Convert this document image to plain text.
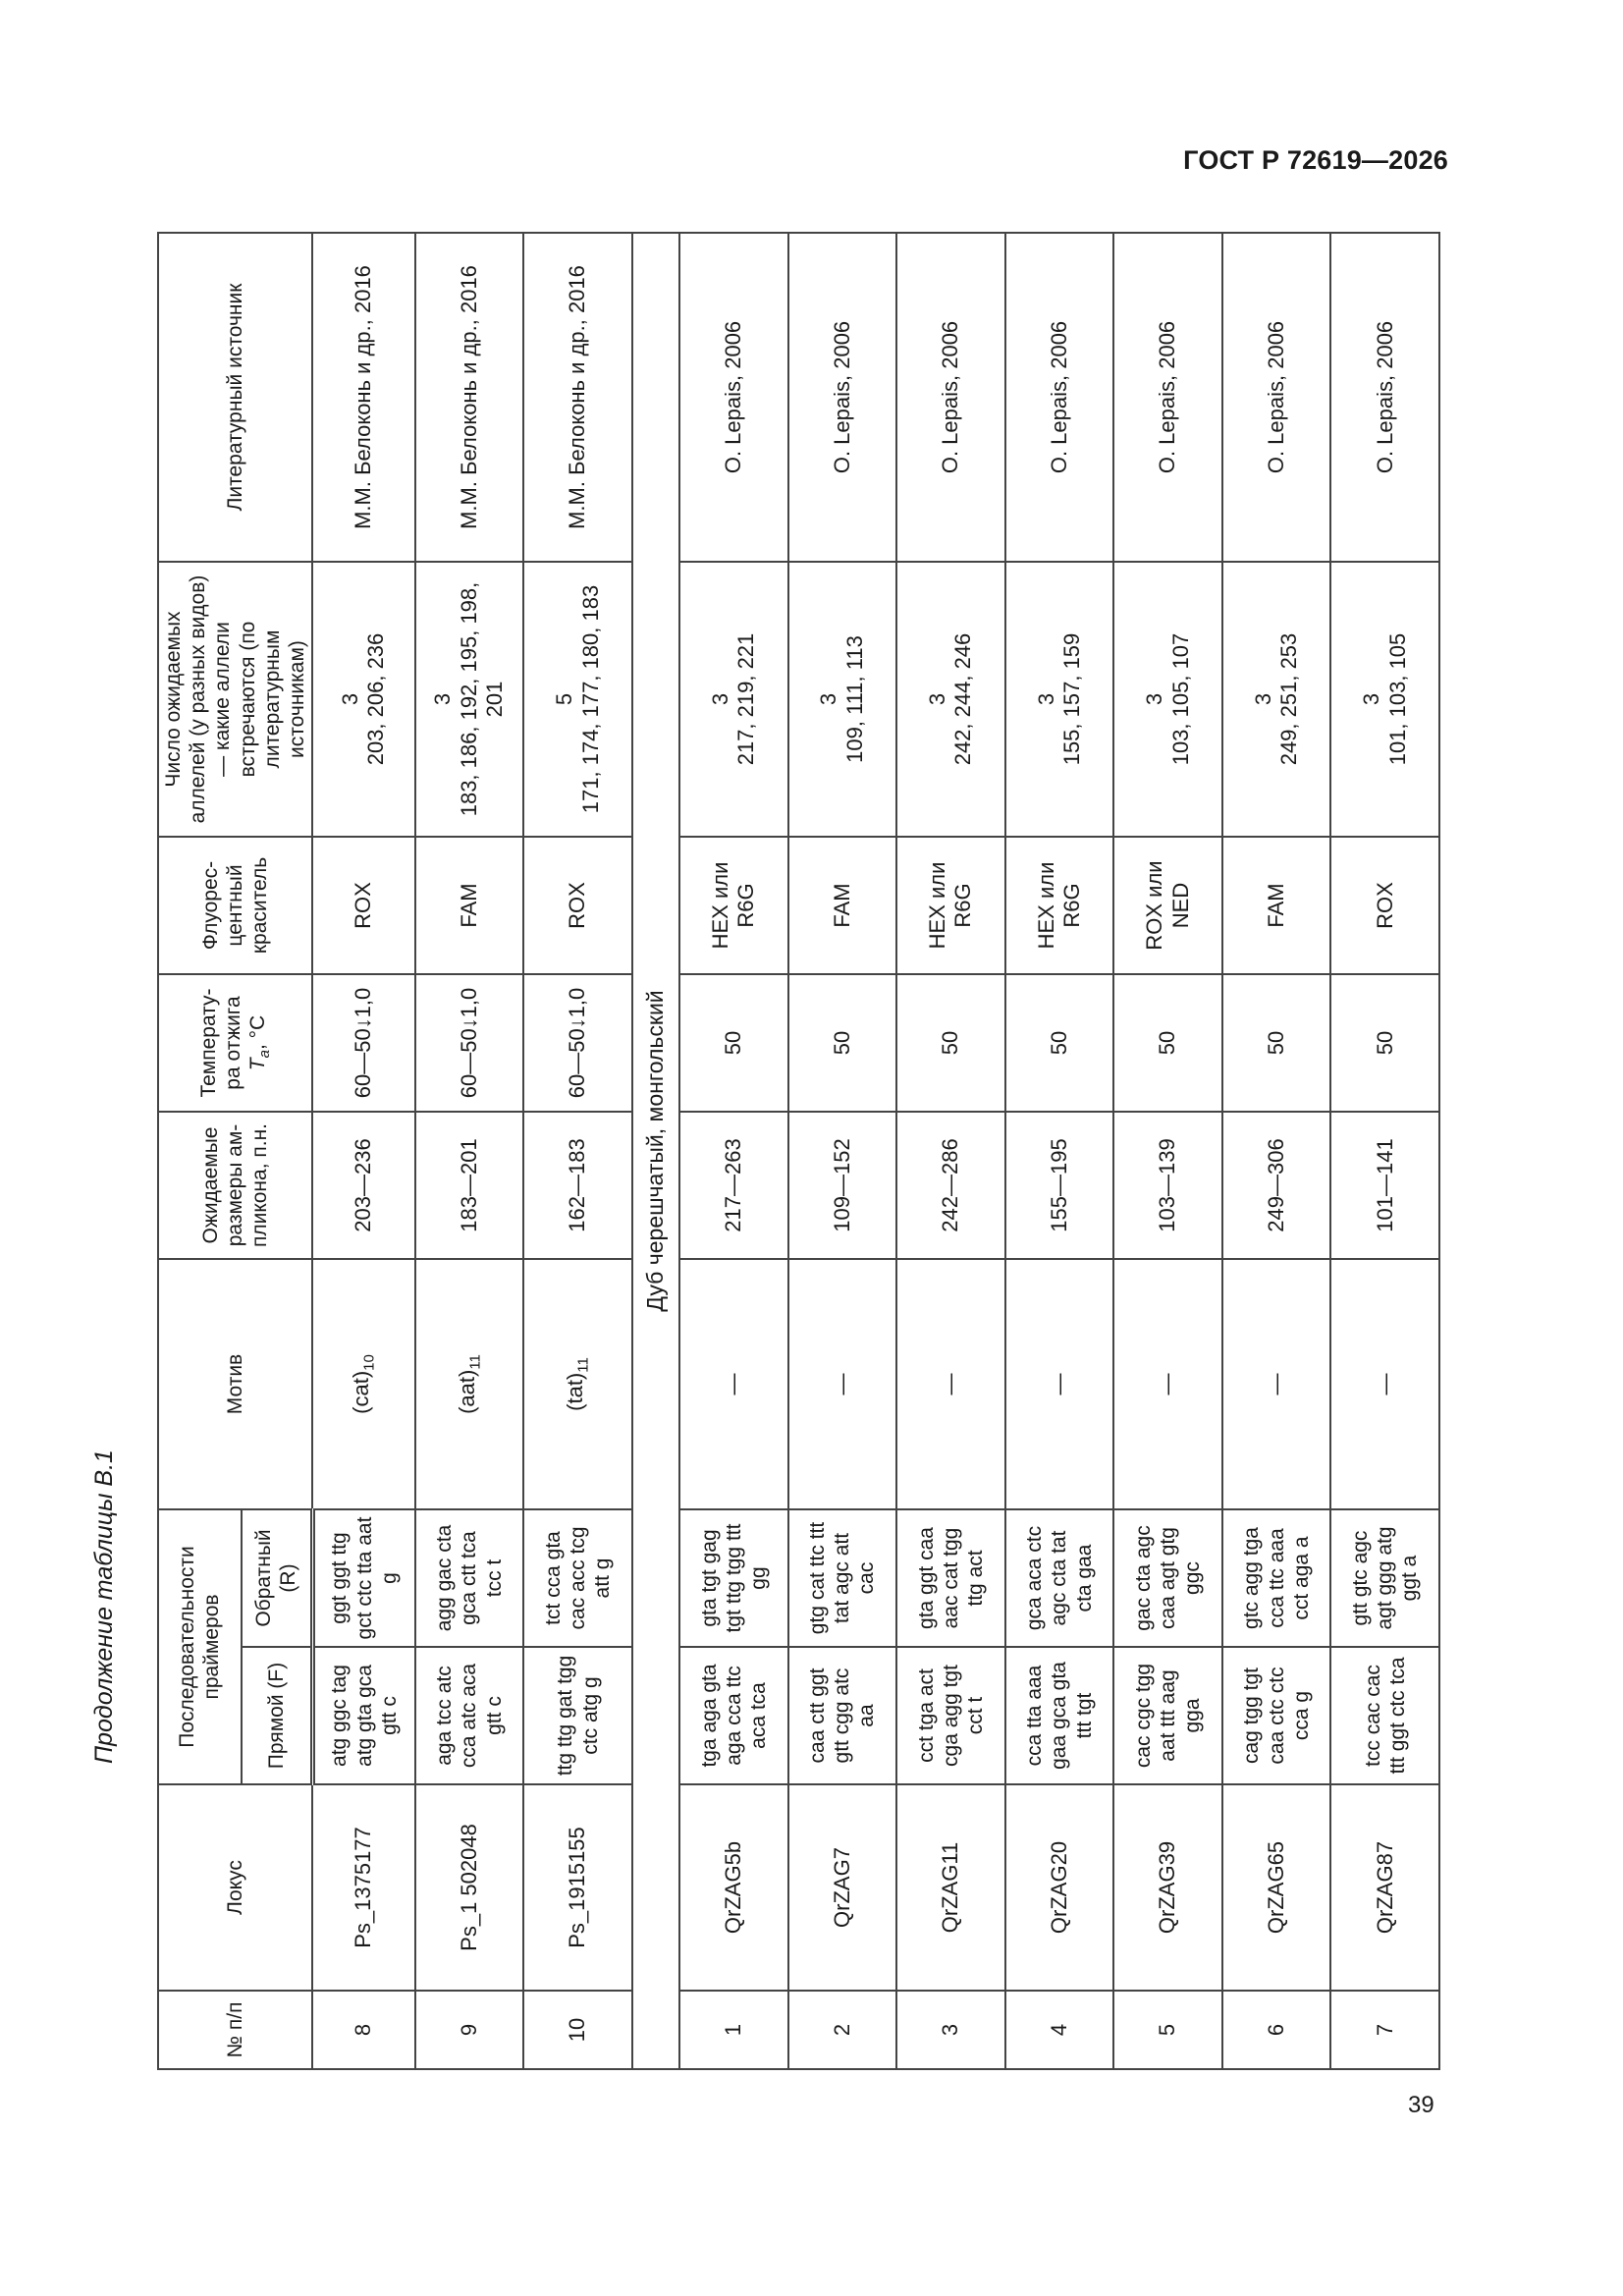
ГОСТ Р 72619—2026
Продолжение таблицы В.1
№ п/п	Локус	Последовательности праймеров		Мотив	Ожидаемые размеры ам-пликона, п.н.	Температу-ра отжига $T_a$, °C	Флуорес-центный краситель	Число ожидаемых аллелей (у разных видов) — какие аллели встречаются (по литературным источникам)	Литературный источник
		Прямой (F)	Обратный (R)						
8	Ps_1375177	atg ggc tag atg gta gca gtt c	ggt ggt ttg gct ctc tta aat g	$(cat)_{10}$	203—236	60—50↓1,0	ROX	3 203, 206, 236	М.М. Белоконь и др., 2016
9	Ps_1 502048	aga tcc atc cca atc aca gtt c	agg gac cta gca ctt tca tcc t	$(aat)_{11}$	183—201	60—50↓1,0	FAM	3 183, 186, 192, 195, 198, 201	М.М. Белоконь и др., 2016
10	Ps_1915155	ttg ttg gat tgg ctc atg g	tct cca gta cac acc tcg att g	$(tat)_{11}$	162—183	60—50↓1,0	ROX	5 171, 174, 177, 180, 183	М.М. Белоконь и др., 2016
Дуб черешчатый, монгольский									
1	QrZAG5b	tga aga gta aga cca ttc aca tca	gta tgt gag tgt ttg tgg ttt gg	—	217—263	50	HEX или R6G	3 217, 219, 221	O. Lepais, 2006
2	QrZAG7	caa ctt ggt gtt cgg atc aa	gtg cat ttc ttt tat agc att cac	—	109—152	50	FAM	3 109, 111, 113	O. Lepais, 2006
3	QrZAG11	cct tga act cga agg tgt cct t	gta ggt caa aac cat tgg ttg act	—	242—286	50	HEX или R6G	3 242, 244, 246	O. Lepais, 2006
4	QrZAG20	cca tta aaa gaa gca gta ttt tgt	gca aca ctc agc cta tat cta gaa	—	155—195	50	HEX или R6G	3 155, 157, 159	O. Lepais, 2006
5	QrZAG39	cac cgc tgg aat ttt aag gga	gac cta agc caa agt gtg ggc	—	103—139	50	ROX или NED	3 103, 105, 107	O. Lepais, 2006
6	QrZAG65	cag tgg tgt caa ctc ctc cca g	gtc agg tga cca ttc aaa cct aga a	—	249—306	50	FAM	3 249, 251, 253	O. Lepais, 2006
7	QrZAG87	tcc cac cac ttt ggt ctc tca	gtt gtc agc agt ggg atg ggt a	—	101—141	50	ROX	3 101, 103, 105	O. Lepais, 2006
39
